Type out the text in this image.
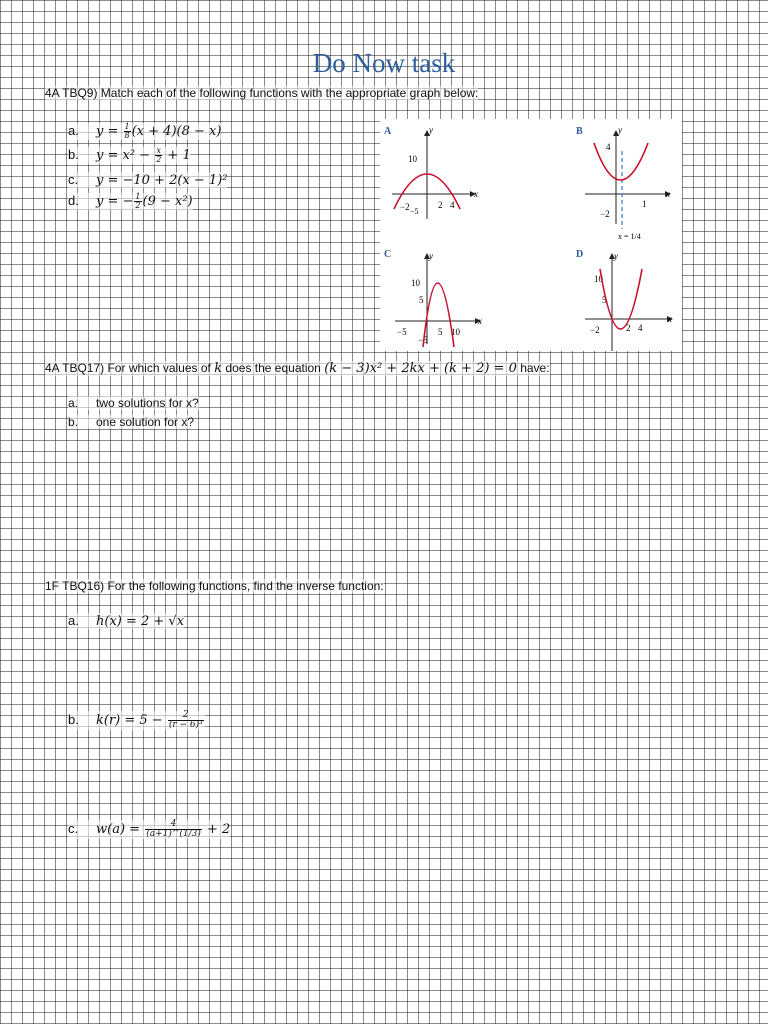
Do Now task
4A TBQ9) Match each of the following functions with the appropriate graph below:
a. $y = \frac{1}{8} (x + 4)(8 - x)$
b. $y = x^2 - \frac{x}{2} + 1$
c. y = −10 + 2(x − 1)²
d. y = − $\frac{1}{2} (9 - x^2)$
A	y
x
10
−2 −5
2 4
B	y
x
4
−2
1
x = 1/4
C	y
x
10
5
−5
−5	5 10
D	y
x
10
5
−2	2 4
4A TBQ17) For which values of k does the equation (k − 3)x² + 2kx + (k + 2) = 0 have:
a. two solutions for x?
b. one solution for x?
1F TBQ16) For the following functions, find the inverse function:
a. h(x) = 2 + √x
b. $k(r) = 5 - \frac{2}{\text{(r − 6)³}}$
c. $w(a) = \frac{4}{(a+1)\^{}(1/3)} + 2$
